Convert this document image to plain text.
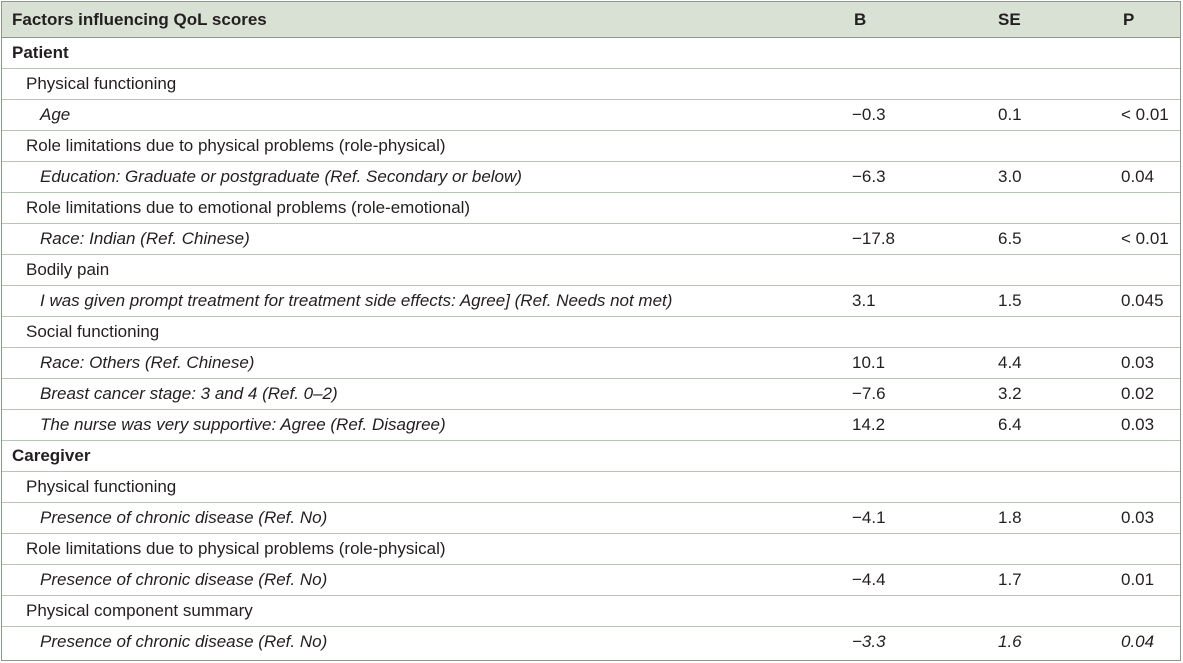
Factors influencing QoL scores	B	SE	P
Patient
Physical functioning
Age	−0.3	0.1	< 0.01
Role limitations due to physical problems (role-physical)
Education: Graduate or postgraduate (Ref. Secondary or below)	−6.3	3.0	0.04
Role limitations due to emotional problems (role-emotional)
Race: Indian (Ref. Chinese)	−17.8	6.5	< 0.01
Bodily pain
I was given prompt treatment for treatment side effects: Agree] (Ref. Needs not met)	3.1	1.5	0.045
Social functioning
Race: Others (Ref. Chinese)	10.1	4.4	0.03
Breast cancer stage: 3 and 4 (Ref. 0–2)	−7.6	3.2	0.02
The nurse was very supportive: Agree (Ref. Disagree)	14.2	6.4	0.03
Caregiver
Physical functioning
Presence of chronic disease (Ref. No)	−4.1	1.8	0.03
Role limitations due to physical problems (role-physical)
Presence of chronic disease (Ref. No)	−4.4	1.7	0.01
Physical component summary
Presence of chronic disease (Ref. No)	−3.3	1.6	0.04
